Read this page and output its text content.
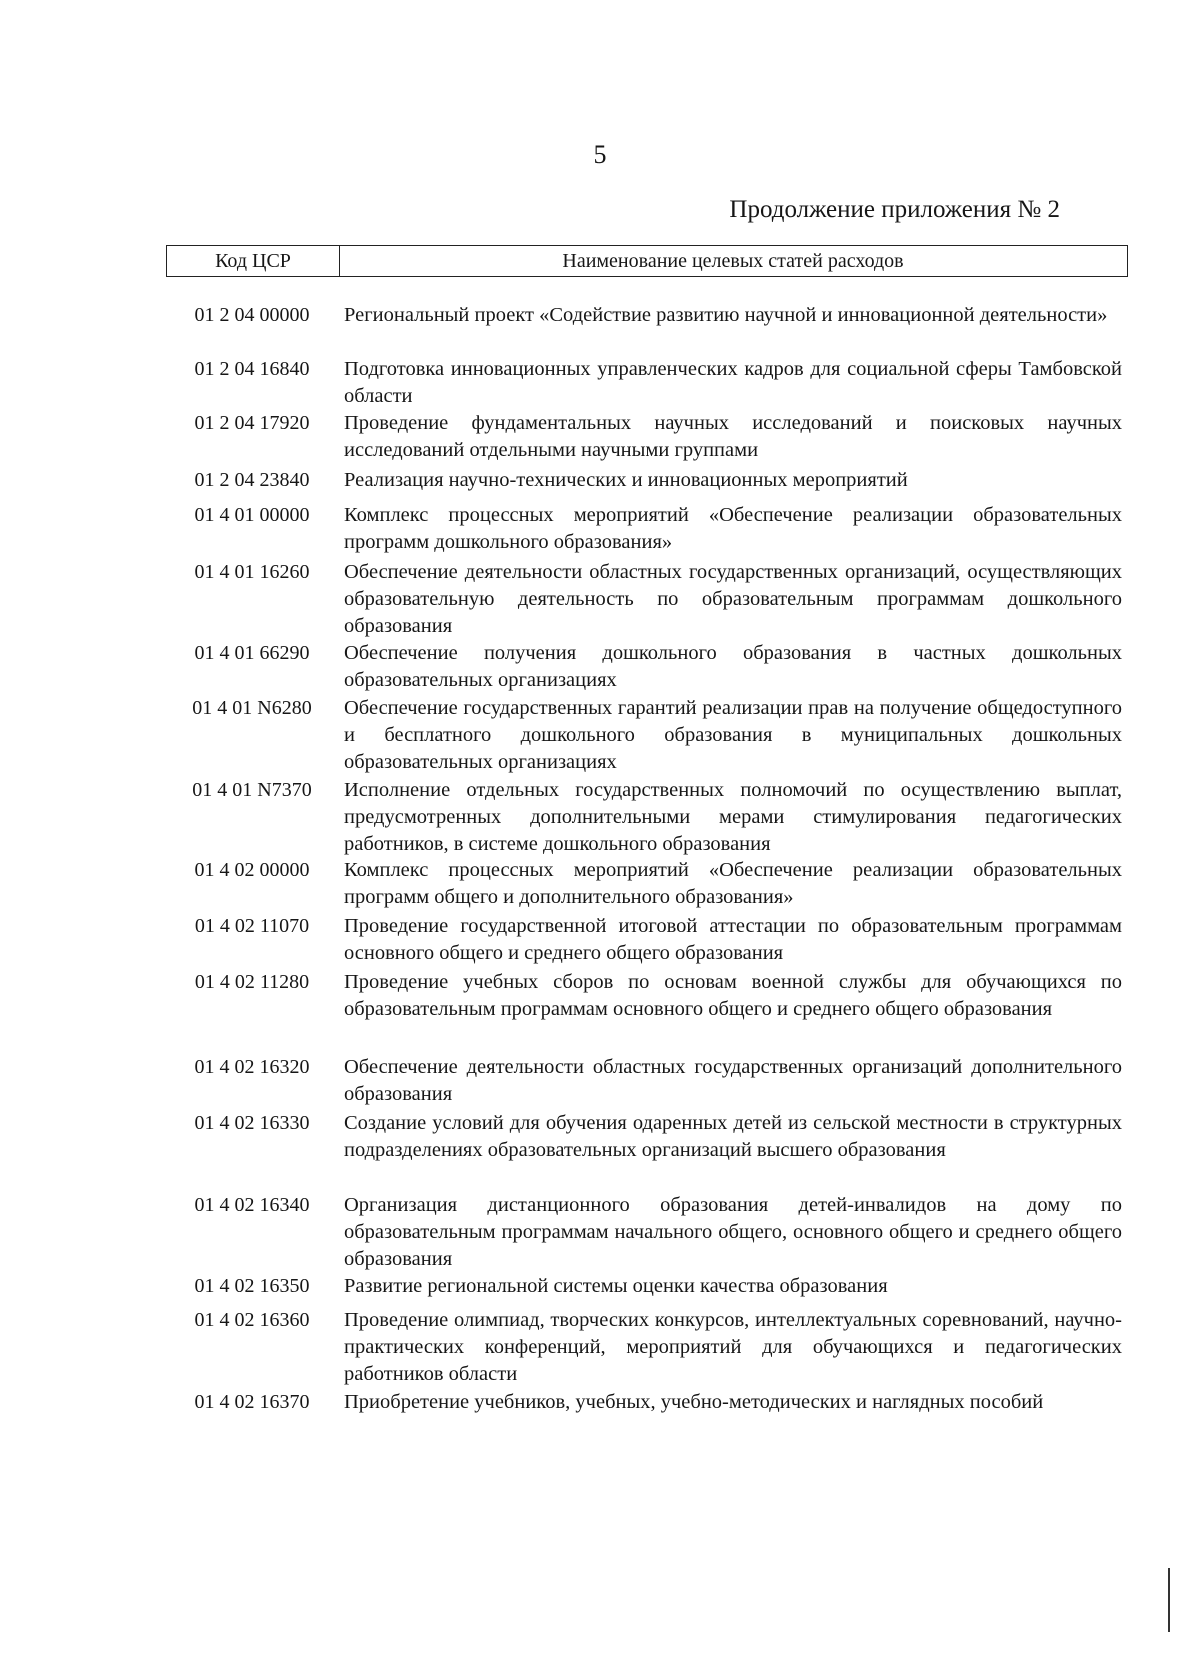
5
Продолжение приложения № 2
Код ЦСР	Наименование целевых статей расходов
01 2 04 00000	Региональный проект «Содействие развитию научной и инновационной деятельности»
01 2 04 16840	Подготовка инновационных управленческих кадров для социальной сферы Тамбовской области
01 2 04 17920	Проведение фундаментальных научных исследований и поисковых научных исследований отдельными научными группами
01 2 04 23840	Реализация научно-технических и инновационных мероприятий
01 4 01 00000	Комплекс процессных мероприятий «Обеспечение реализации образовательных программ дошкольного образования»
01 4 01 16260	Обеспечение деятельности областных государственных организаций, осуществляющих образовательную деятельность по образовательным программам дошкольного образования
01 4 01 66290	Обеспечение получения дошкольного образования в частных дошкольных образовательных организациях
01 4 01 N6280	Обеспечение государственных гарантий реализации прав на получение общедоступного и бесплатного дошкольного образования в муниципальных дошкольных образовательных организациях
01 4 01 N7370	Исполнение отдельных государственных полномочий по осуществлению выплат, предусмотренных дополнительными мерами стимулирования педагогических работников, в системе дошкольного образования
01 4 02 00000	Комплекс процессных мероприятий «Обеспечение реализации образовательных программ общего и дополнительного образования»
01 4 02 11070	Проведение государственной итоговой аттестации по образовательным программам основного общего и среднего общего образования
01 4 02 11280	Проведение учебных сборов по основам военной службы для обучающихся по образовательным программам основного общего и среднего общего образования
01 4 02 16320	Обеспечение деятельности областных государственных организаций дополнительного образования
01 4 02 16330	Создание условий для обучения одаренных детей из сельской местности в структурных подразделениях образовательных организаций высшего образования
01 4 02 16340	Организация дистанционного образования детей-инвалидов на дому по образовательным программам начального общего, основного общего и среднего общего образования
01 4 02 16350	Развитие региональной системы оценки качества образования
01 4 02 16360	Проведение олимпиад, творческих конкурсов, интеллектуальных соревнований, научно-практических конференций, мероприятий для обучающихся и педагогических работников области
01 4 02 16370	Приобретение учебников, учебных, учебно-методических и наглядных пособий
